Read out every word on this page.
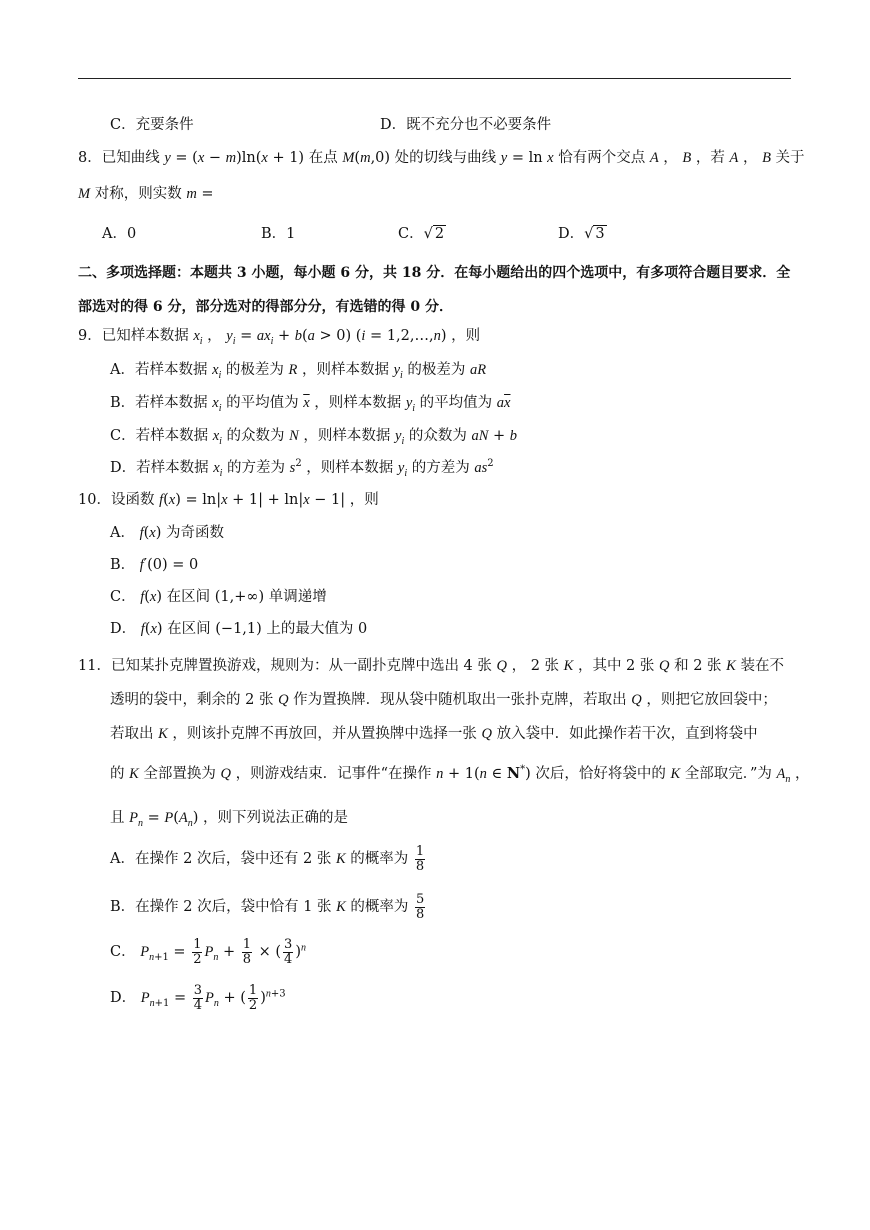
C．充要条件	D．既不充分也不必要条件
8．已知曲线 y = (x − m)ln(x + 1) 在点 M(m,0) 处的切线与曲线 y = ln x 恰有两个交点 A ， B ，若 A ， B 关于
M 对称，则实数 m =
A．0	B．1	C．√ 2	D．√ 3
二、多项选择题：本题共 3 小题，每小题 6 分，共 18 分．在每小题给出的四个选项中，有多项符合题目要求．全
部选对的得 6 分，部分选对的得部分分，有选错的得 0 分．
9．已知样本数据 $x_i$ ， $y_i = ax_i + b(a > 0) (i$ = 1,2,…,n) ，则
A．若样本数据 $x_i$ 的极差为 R ，则样本数据 $y_i$ 的极差为 aR
B．若样本数据 $x_i$ 的平均值为 $\overline{x}$ ，则样本数据 $y_i$ 的平均值为 $a\overline{x}$
C．若样本数据 $x_i$ 的众数为 N ，则样本数据 $y_i$ 的众数为 aN + b
D．若样本数据 $x_i$ 的方差为 $s^2$ ，则样本数据 $y_i$ 的方差为 $as^2$
10．设函数 f(x) = ln|x + 1| + ln|x − 1| ，则
A． f(x) 为奇函数
B． f′(0) = 0
C． f(x) 在区间 (1,+∞) 单调递增
D． f(x) 在区间 (−1,1) 上的最大值为 0
11．已知某扑克牌置换游戏，规则为：从一副扑克牌中选出 4 张 Q ， 2 张 K ，其中 2 张 Q 和 2 张 K 装在不
透明的袋中，剩余的 2 张 Q 作为置换牌．现从袋中随机取出一张扑克牌，若取出 Q ，则把它放回袋中；
若取出 K ，则该扑克牌不再放回，并从置换牌中选择一张 Q 放入袋中．如此操作若干次，直到将袋中
的 K 全部置换为 Q ，则游戏结束．记事件“在操作 n + 1(n ∈ N*) 次后，恰好将袋中的 K 全部取完．”为 $A_n$ ，
且 $P_n = P(A_n)$ ，则下列说法正确的是
A．在操作 2 次后，袋中还有 2 张 K 的概率为 $\frac{1}{8}$
B．在操作 2 次后，袋中恰有 1 张 K 的概率为 $\frac{5}{8}$
C． $P_{n+1} = \frac{1}{2} P_n + \frac{1}{8}$ × ( $\frac{3}{4} )^n$
D． $P_{n+1} = \frac{3}{4} P_n$ + ( $\frac{1}{2} )^{n+3}$
